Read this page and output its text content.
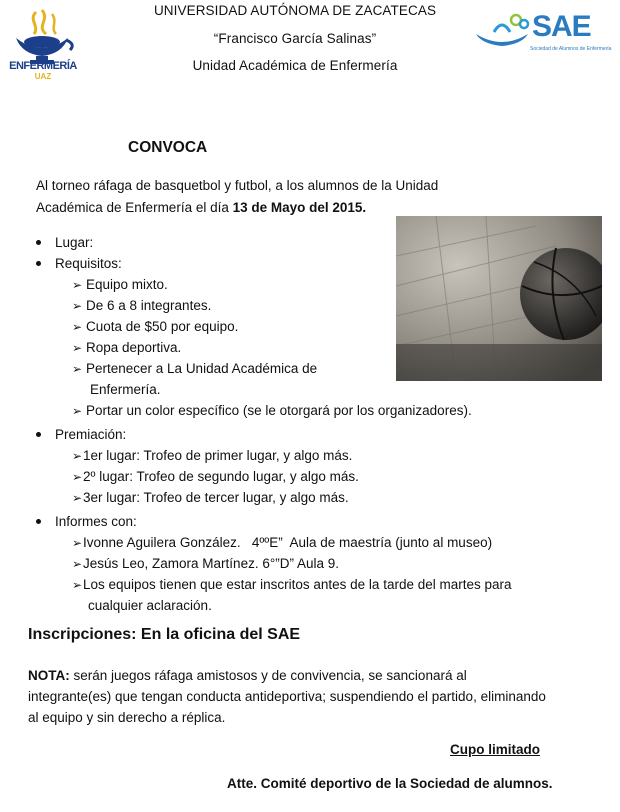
ENFERMERÍA
UAZ
UNIVERSIDAD AUTÓNOMA DE ZACATECAS
“Francisco García Salinas”
Unidad Académica de Enfermería
SAE
Sociedad de Alumnos de Enfermería
CONVOCA
Al torneo ráfaga de basquetbol y futbol, a los alumnos de la Unidad Académica de Enfermería el día 13 de Mayo del 2015.
Lugar:
Requisitos:
➢ Equipo mixto.
➢ De 6 a 8 integrantes.
➢ Cuota de $50 por equipo.
➢ Ropa deportiva.
➢ Pertenecer a La Unidad Académica de
Enfermería.
➢ Portar un color específico (se le otorgará por los organizadores).
Premiación:
➢1er lugar: Trofeo de primer lugar, y algo más.
➢2º lugar: Trofeo de segundo lugar, y algo más.
➢3er lugar: Trofeo de tercer lugar, y algo más.
Informes con:
➢Ivonne Aguilera González.   4ººE”  Aula de maestría (junto al museo)
➢Jesús Leo, Zamora Martínez. 6°”D” Aula 9.
➢Los equipos tienen que estar inscritos antes de la tarde del martes para
cualquier aclaración.
Inscripciones: En la oficina del SAE
NOTA: serán juegos ráfaga amistosos y de convivencia, se sancionará al integrante(es) que tengan conducta antideportiva; suspendiendo el partido, eliminando al equipo y sin derecho a réplica.
Cupo limitado
Atte. Comité deportivo de la Sociedad de alumnos.
